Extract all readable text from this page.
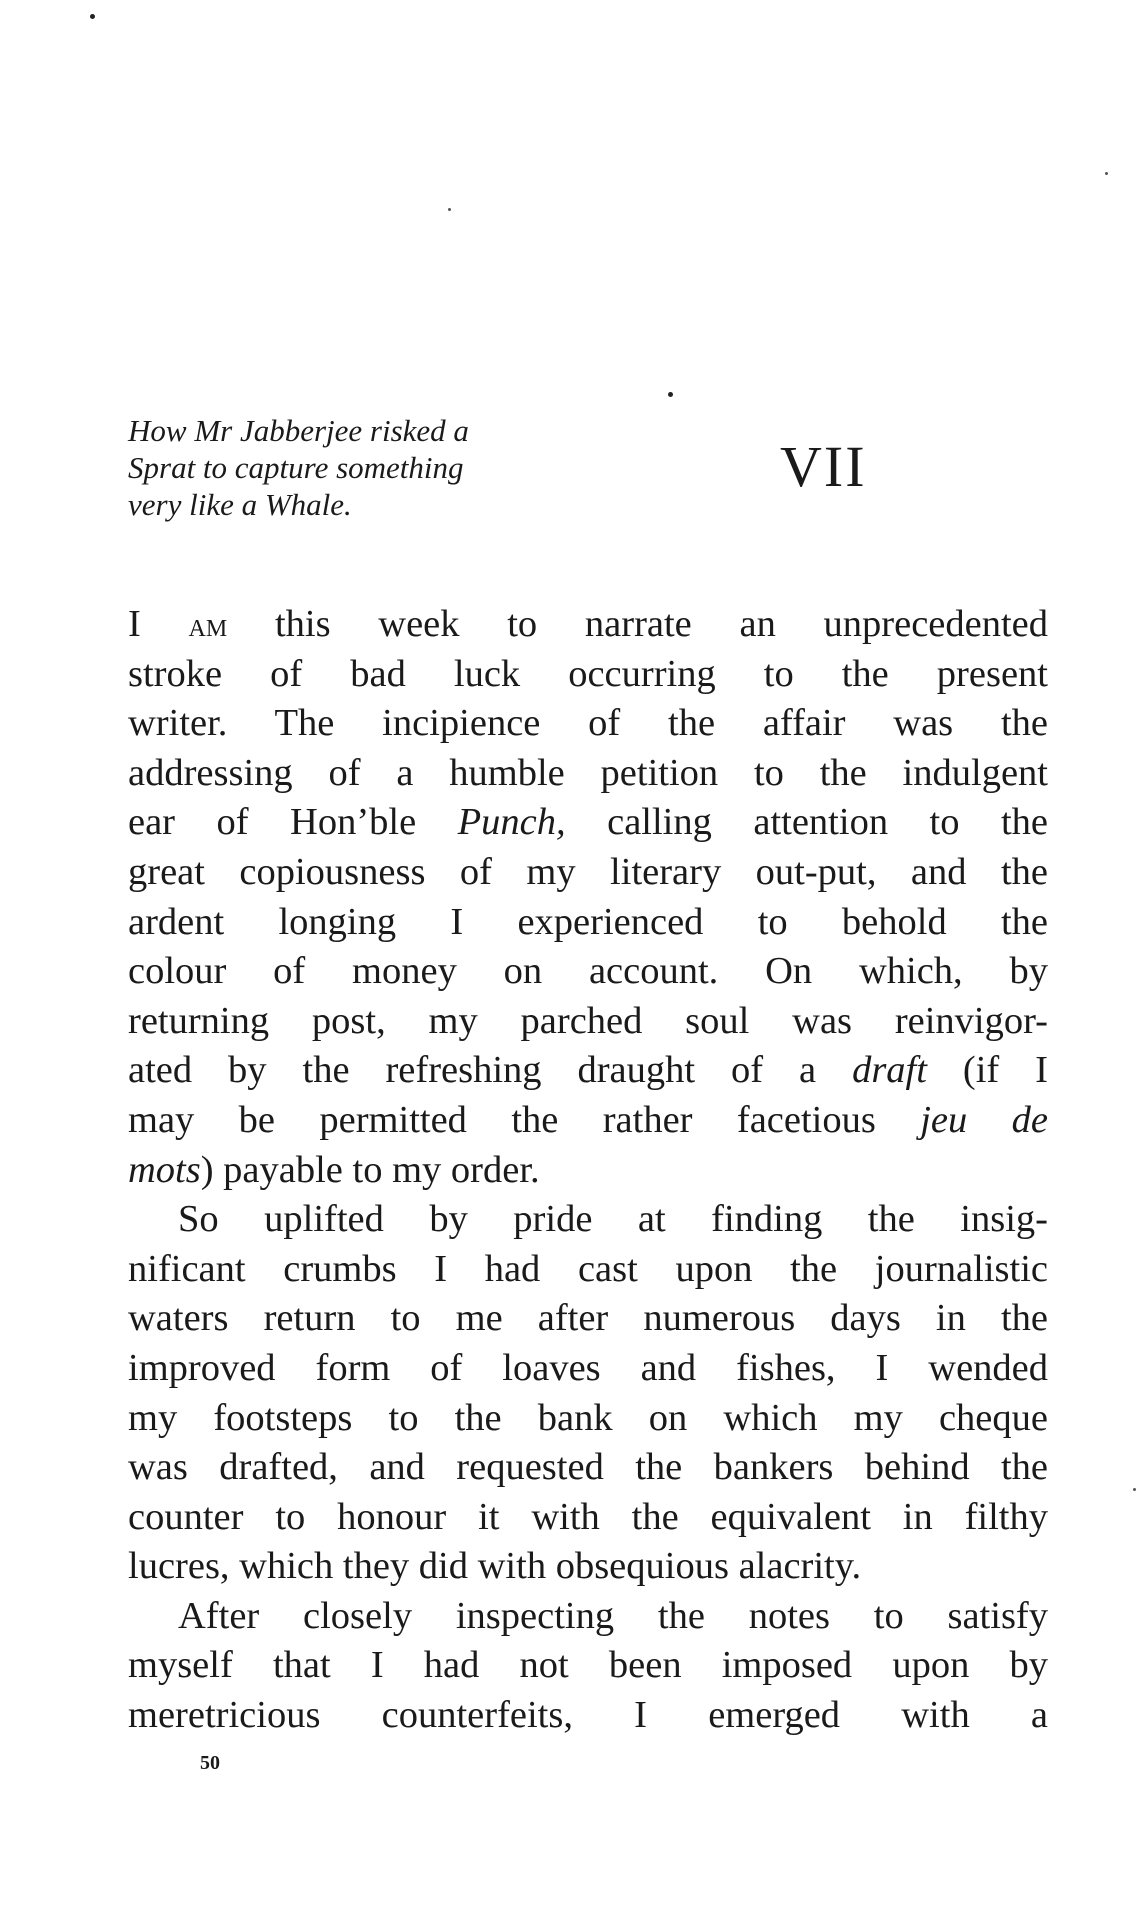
How Mr Jabberjee risked a
Sprat to capture something
very like a Whale.
VII
I am this week to narrate an unprecedented
stroke of bad luck occurring to the present
writer. The incipience of the affair was the
addressing of a humble petition to the indulgent
ear of Hon’ble Punch, calling attention to the
great copiousness of my literary out-put, and the
ardent longing I experienced to behold the
colour of money on account. On which, by
returning post, my parched soul was reinvigor-
ated by the refreshing draught of a draft (if I
may be permitted the rather facetious jeu de
mots) payable to my order.
So uplifted by pride at finding the insig-
nificant crumbs I had cast upon the journalistic
waters return to me after numerous days in the
improved form of loaves and fishes, I wended
my footsteps to the bank on which my cheque
was drafted, and requested the bankers behind the
counter to honour it with the equivalent in filthy
lucres, which they did with obsequious alacrity.
After closely inspecting the notes to satisfy
myself that I had not been imposed upon by
meretricious counterfeits, I emerged with a
50
